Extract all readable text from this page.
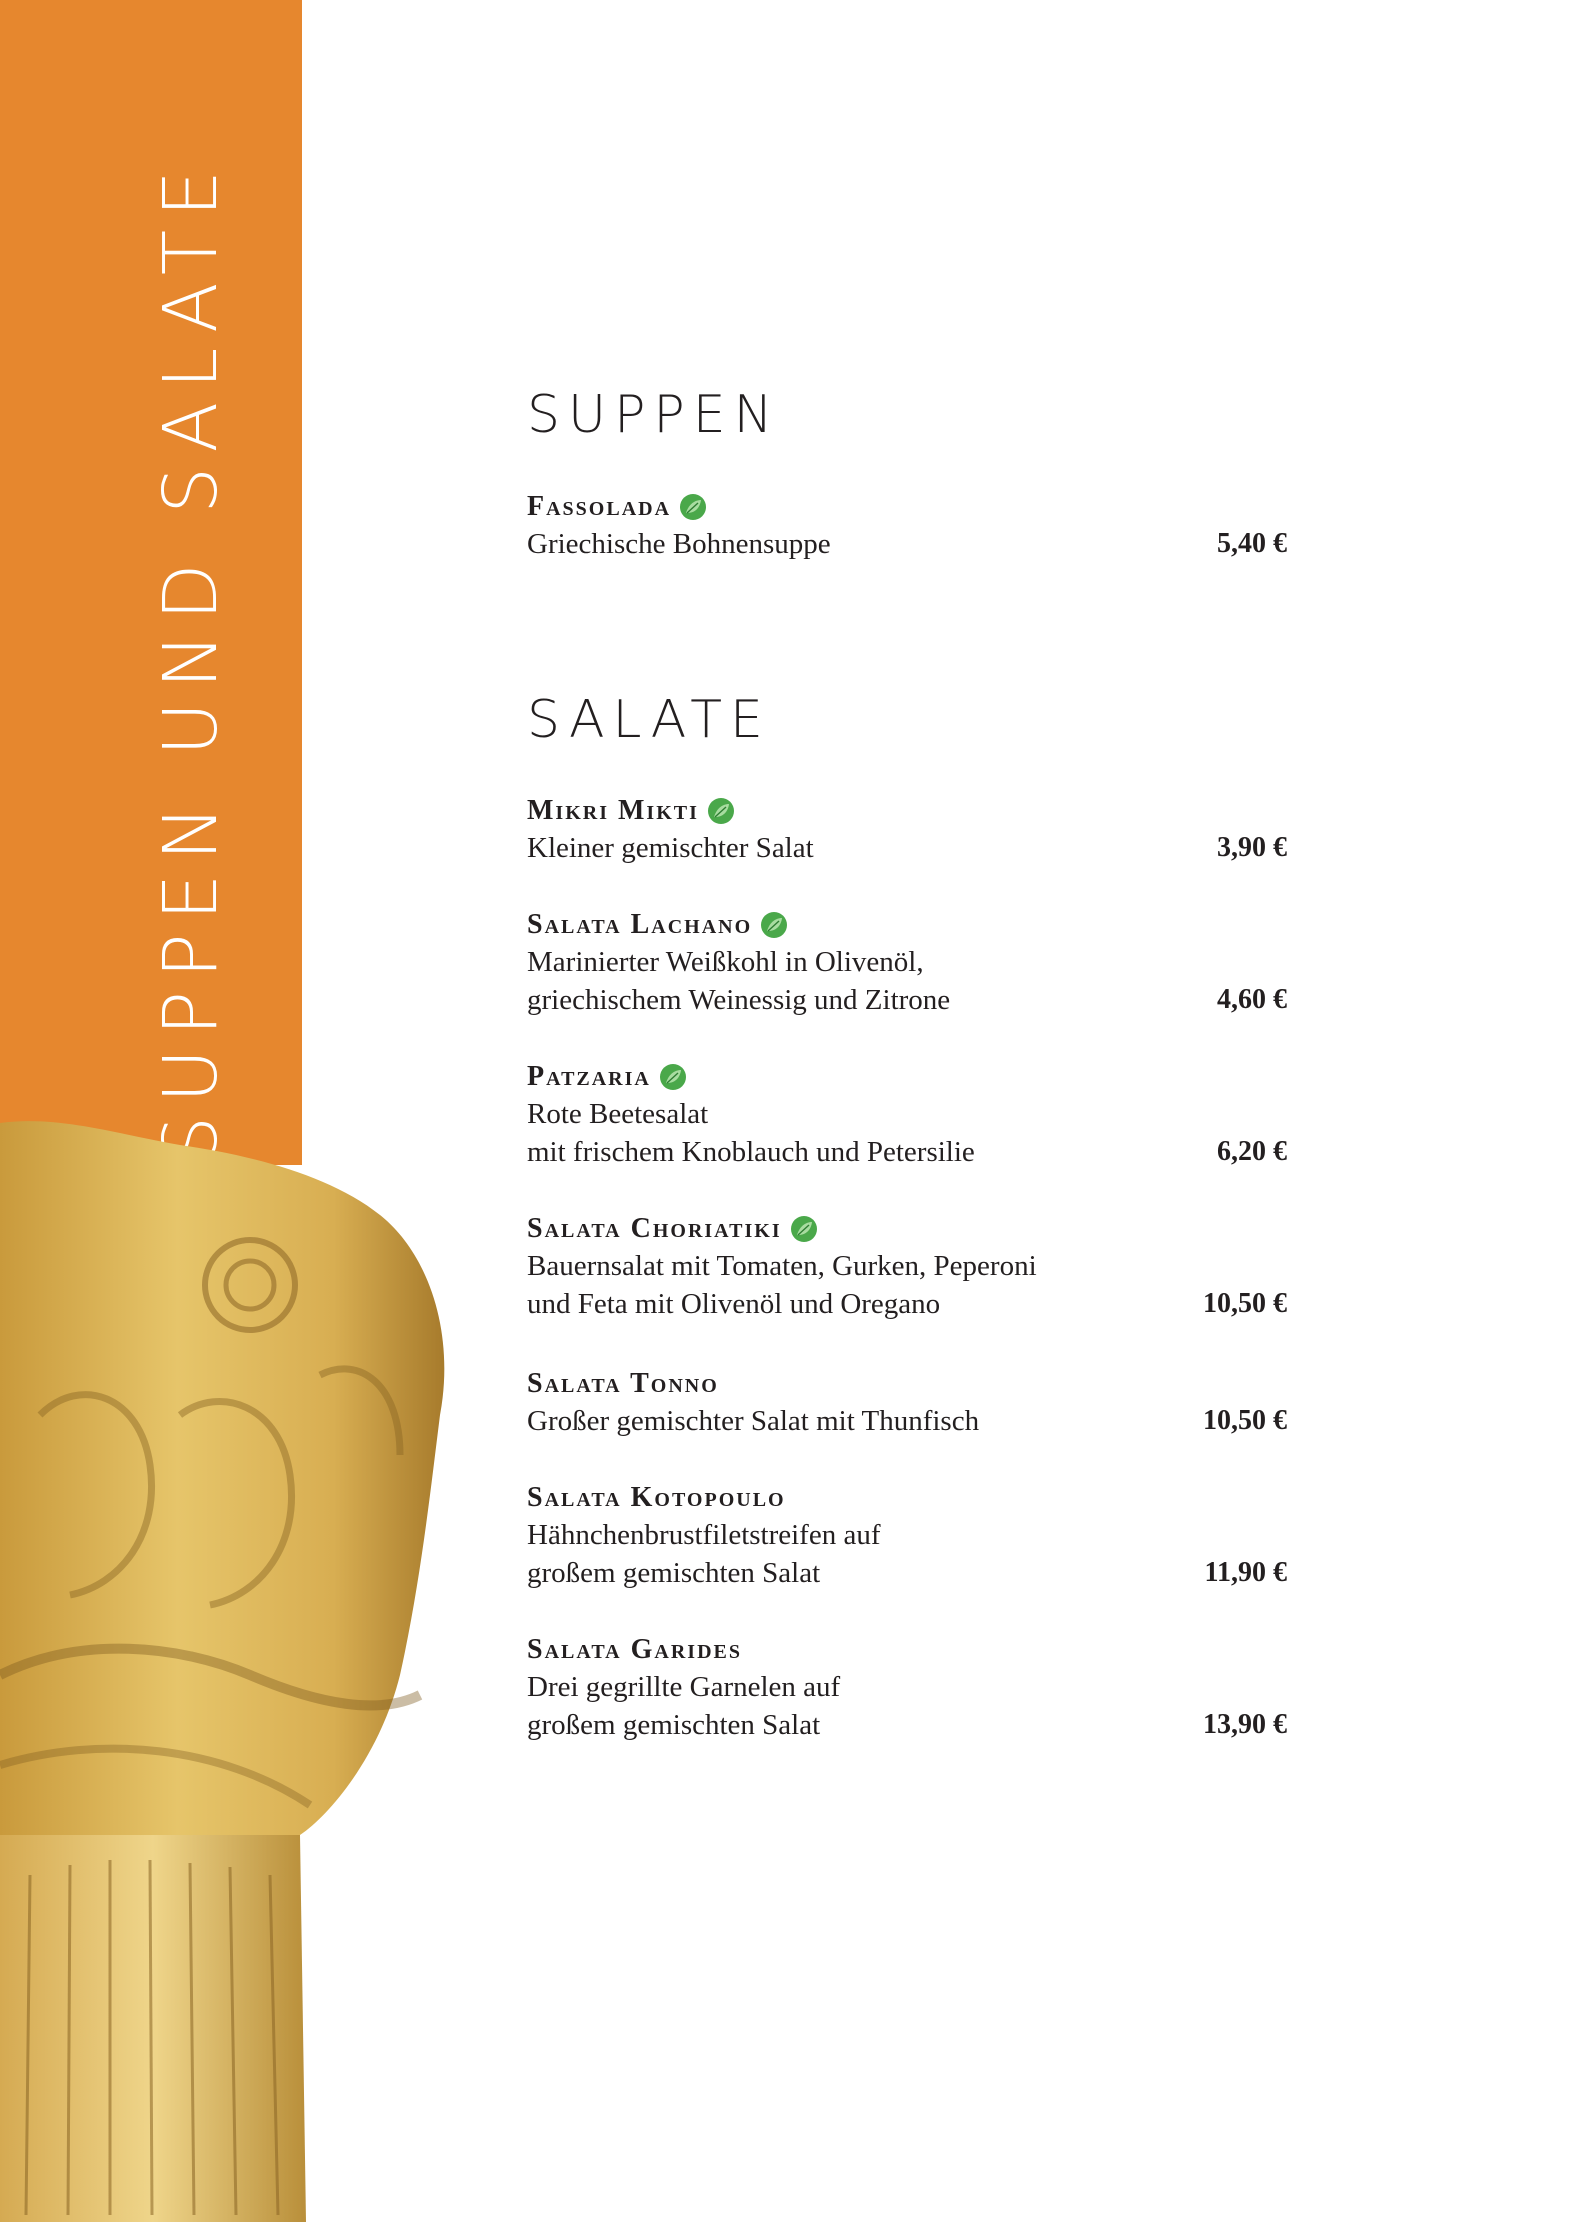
SUPPEN UND SALATE	SUPPEN
SALATE
Fassolada
Griechische Bohnensuppe	5,40 €
Mikri Mikti
Kleiner gemischter Salat	3,90 €
Salata Lachano
Marinierter Weißkohl in Olivenöl,
griechischem Weinessig und Zitrone	4,60 €
Patzaria
Rote Beetesalat
mit frischem Knoblauch und Petersilie	6,20 €
Salata Choriatiki
Bauernsalat mit Tomaten, Gurken, Peperoni
und Feta mit Olivenöl und Oregano	10,50 €
Salata Tonno
Großer gemischter Salat mit Thunfisch	10,50 €
Salata Kotopoulo
Hähnchenbrustfiletstreifen auf
großem gemischten Salat	11,90 €
Salata Garides
Drei gegrillte Garnelen auf
großem gemischten Salat	13,90 €
